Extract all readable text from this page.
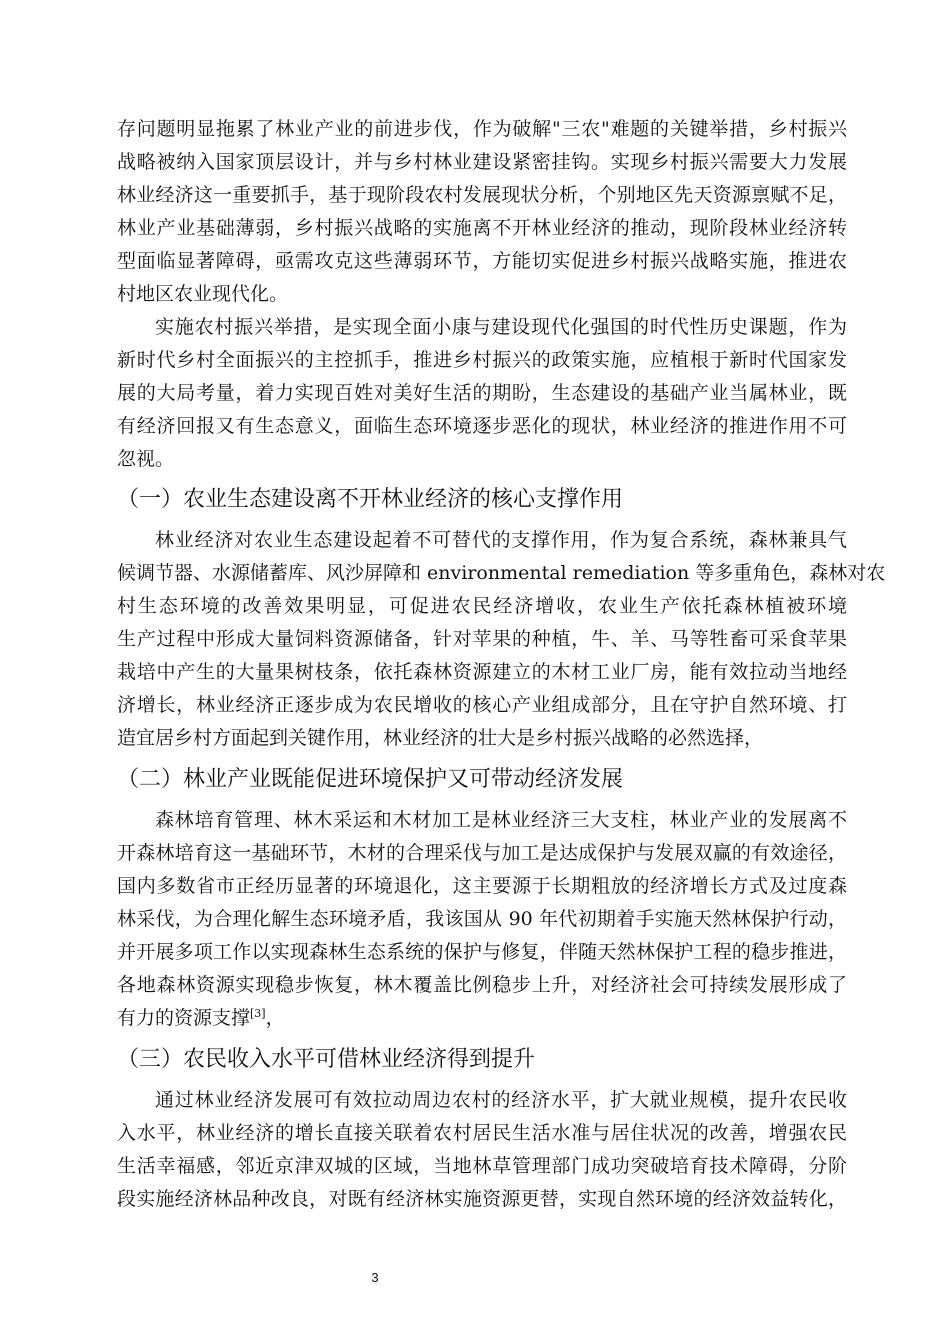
存问题明显拖累了林业产业的前进步伐，作为破解"三农"难题的关键举措，乡村振兴
战略被纳入国家顶层设计，并与乡村林业建设紧密挂钩。实现乡村振兴需要大力发展
林业经济这一重要抓手，基于现阶段农村发展现状分析，个别地区先天资源禀赋不足，
林业产业基础薄弱，乡村振兴战略的实施离不开林业经济的推动，现阶段林业经济转
型面临显著障碍，亟需攻克这些薄弱环节，方能切实促进乡村振兴战略实施，推进农
村地区农业现代化。
实施农村振兴举措，是实现全面小康与建设现代化强国的时代性历史课题，作为
新时代乡村全面振兴的主控抓手，推进乡村振兴的政策实施，应植根于新时代国家发
展的大局考量，着力实现百姓对美好生活的期盼，生态建设的基础产业当属林业，既
有经济回报又有生态意义，面临生态环境逐步恶化的现状，林业经济的推进作用不可
忽视。
（一）农业生态建设离不开林业经济的核心支撑作用
林业经济对农业生态建设起着不可替代的支撑作用，作为复合系统，森林兼具气
候调节器、水源储蓄库、风沙屏障和 environmental remediation 等多重角色，森林对农
村生态环境的改善效果明显，可促进农民经济增收，农业生产依托森林植被环境
生产过程中形成大量饲料资源储备，针对苹果的种植，牛、羊、马等牲畜可采食苹果
栽培中产生的大量果树枝条，依托森林资源建立的木材工业厂房，能有效拉动当地经
济增长，林业经济正逐步成为农民增收的核心产业组成部分，且在守护自然环境、打
造宜居乡村方面起到关键作用，林业经济的壮大是乡村振兴战略的必然选择，
（二）林业产业既能促进环境保护又可带动经济发展
森林培育管理、林木采运和木材加工是林业经济三大支柱，林业产业的发展离不
开森林培育这一基础环节，木材的合理采伐与加工是达成保护与发展双赢的有效途径，
国内多数省市正经历显著的环境退化，这主要源于长期粗放的经济增长方式及过度森
林采伐，为合理化解生态环境矛盾，我该国从 90 年代初期着手实施天然林保护行动，
并开展多项工作以实现森林生态系统的保护与修复，伴随天然林保护工程的稳步推进，
各地森林资源实现稳步恢复，林木覆盖比例稳步上升，对经济社会可持续发展形成了
有力的资源支撑[3]，
（三）农民收入水平可借林业经济得到提升
通过林业经济发展可有效拉动周边农村的经济水平，扩大就业规模，提升农民收
入水平，林业经济的增长直接关联着农村居民生活水准与居住状况的改善，增强农民
生活幸福感，邻近京津双城的区域，当地林草管理部门成功突破培育技术障碍，分阶
段实施经济林品种改良，对既有经济林实施资源更替，实现自然环境的经济效益转化，
3
